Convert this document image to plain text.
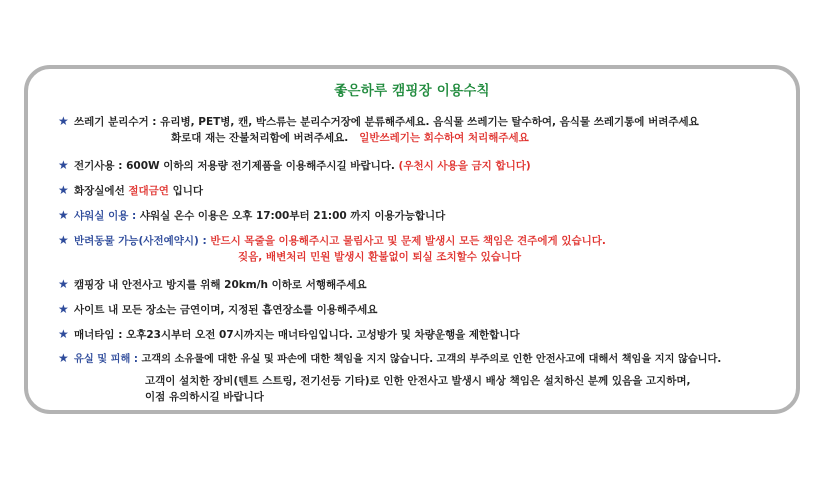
좋은하루 캠핑장 이용수칙
★ 쓰레기 분리수거 : 유리병, PET병, 캔, 박스류는 분리수거장에 분류해주세요. 음식물 쓰레기는 탈수하여, 음식물 쓰레기통에 버려주세요
화로대 재는 잔불처리함에 버려주세요. 일반쓰레기는 회수하여 처리해주세요
★ 전기사용 : 600W 이하의 저용량 전기제품을 이용해주시길 바랍니다. (우천시 사용을 금지 합니다)
★ 화장실에선 절대금연 입니다
★ 샤워실 이용 : 샤워실 온수 이용은 오후 17:00부터 21:00 까지 이용가능합니다
★ 반려동물 가능(사전예약시) : 반드시 목줄을 이용해주시고 물림사고 및 문제 발생시 모든 책임은 견주에게 있습니다.
짖음, 배변처리 민원 발생시 환불없이 퇴실 조치할수 있습니다
★ 캠핑장 내 안전사고 방지를 위해 20km/h 이하로 서행해주세요
★ 사이트 내 모든 장소는 금연이며, 지정된 흡연장소를 이용해주세요
★ 매너타임 : 오후23시부터 오전 07시까지는 매너타임입니다. 고성방가 및 차량운행을 제한합니다
★ 유실 및 피해 : 고객의 소유물에 대한 유실 및 파손에 대한 책임을 지지 않습니다. 고객의 부주의로 인한 안전사고에 대해서 책임을 지지 않습니다.
고객이 설치한 장비(텐트 스트링, 전기선등 기타)로 인한 안전사고 발생시 배상 책임은 설치하신 분께 있음을 고지하며,
이점 유의하시길 바랍니다
